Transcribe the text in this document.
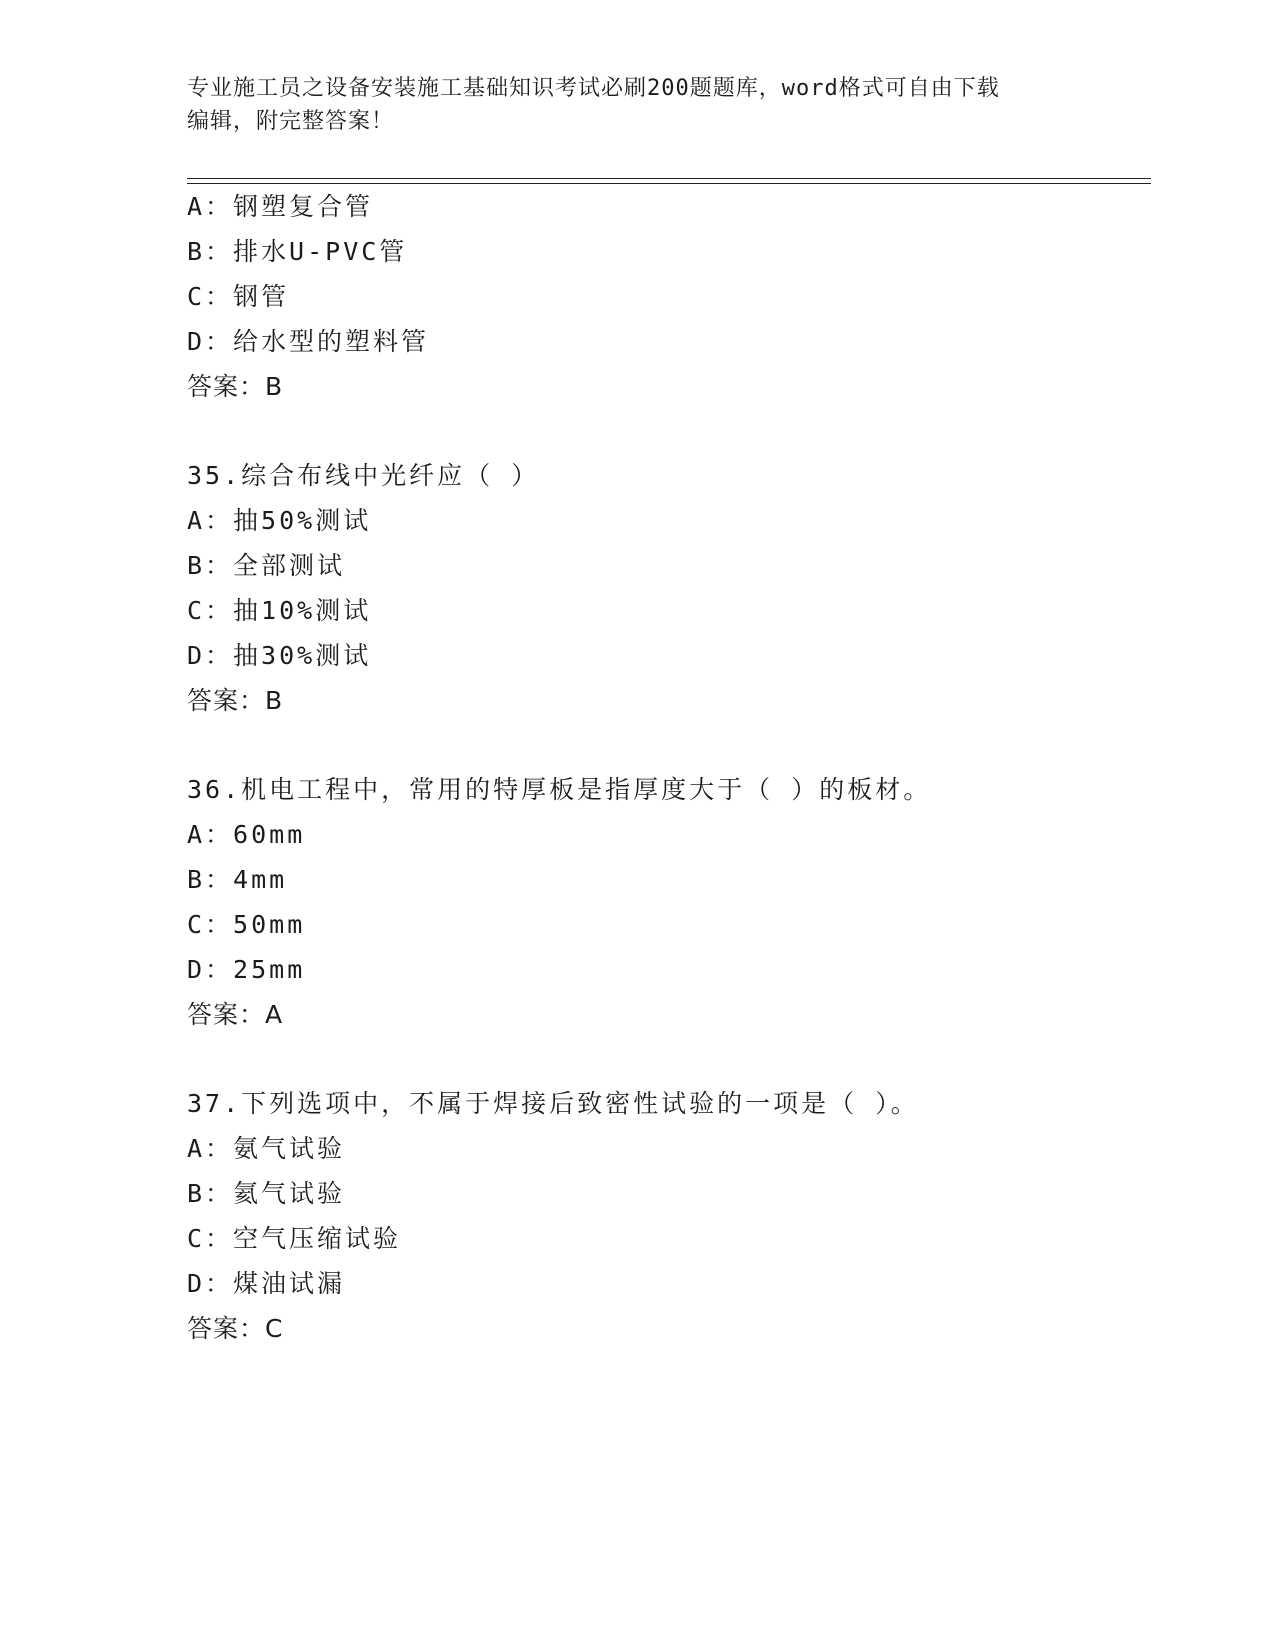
专业施工员之设备安装施工基础知识考试必刷200题题库，word格式可自由下载
编辑，附完整答案！
A：钢塑复合管
B：排水U-PVC管
C：钢管
D：给水型的塑料管
答案：B
35.综合布线中光纤应（ ）
A：抽50%测试
B：全部测试
C：抽10%测试
D：抽30%测试
答案：B
36.机电工程中，常用的特厚板是指厚度大于（ ）的板材。
A：60mm
B：4mm
C：50mm
D：25mm
答案：A
37.下列选项中，不属于焊接后致密性试验的一项是（ ）。
A：氨气试验
B：氦气试验
C：空气压缩试验
D：煤油试漏
答案：C
